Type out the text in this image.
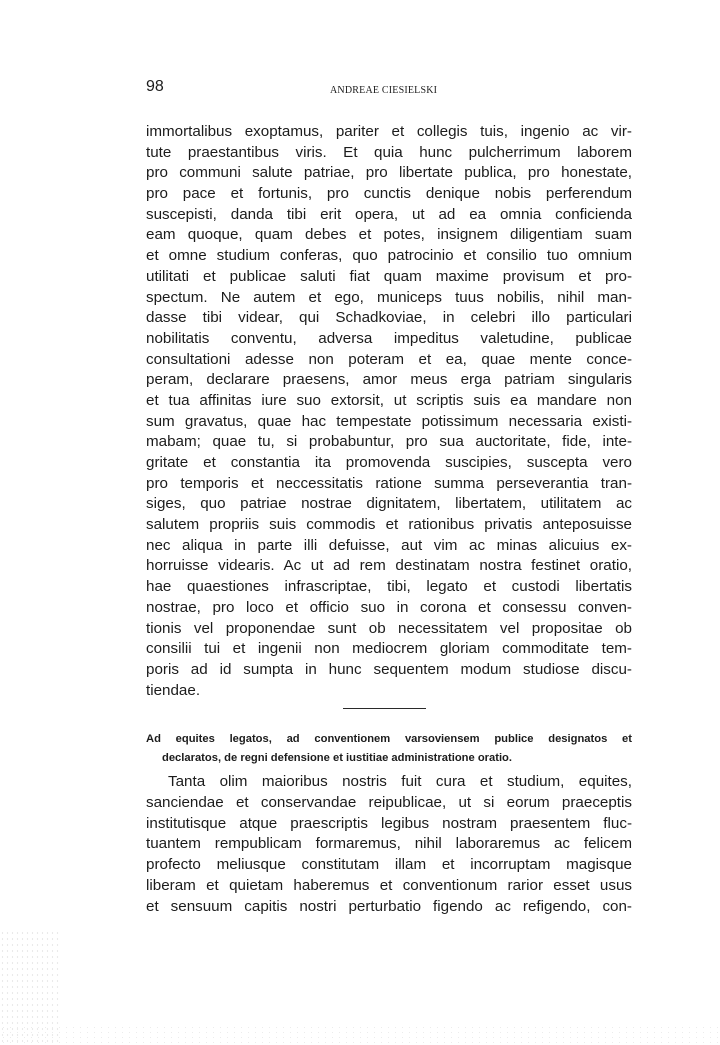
98	ANDREAE CIESIELSKI
immortalibus exoptamus, pariter et collegis tuis, ingenio ac vir-
tute praestantibus viris. Et quia hunc pulcherrimum laborem
pro communi salute patriae, pro libertate publica, pro honestate,
pro pace et fortunis, pro cunctis denique nobis perferendum
suscepisti, danda tibi erit opera, ut ad ea omnia conficienda
eam quoque, quam debes et potes, insignem diligentiam suam
et omne studium conferas, quo patrocinio et consilio tuo omnium
utilitati et publicae saluti fiat quam maxime provisum et pro-
spectum. Ne autem et ego, municeps tuus nobilis, nihil man-
dasse tibi videar, qui Schadkoviae, in celebri illo particulari
nobilitatis conventu, adversa impeditus valetudine, publicae
consultationi adesse non poteram et ea, quae mente conce-
peram, declarare praesens, amor meus erga patriam singularis
et tua affinitas iure suo extorsit, ut scriptis suis ea mandare non
sum gravatus, quae hac tempestate potissimum necessaria existi-
mabam; quae tu, si probabuntur, pro sua auctoritate, fide, inte-
gritate et constantia ita promovenda suscipies, suscepta vero
pro temporis et neccessitatis ratione summa perseverantia tran-
siges, quo patriae nostrae dignitatem, libertatem, utilitatem ac
salutem propriis suis commodis et rationibus privatis anteposuisse
nec aliqua in parte illi defuisse, aut vim ac minas alicuius ex-
horruisse videaris. Ac ut ad rem destinatam nostra festinet oratio,
hae quaestiones infrascriptae, tibi, legato et custodi libertatis
nostrae, pro loco et officio suo in corona et consessu conven-
tionis vel proponendae sunt ob necessitatem vel propositae ob
consilii tui et ingenii non mediocrem gloriam commoditate tem-
poris ad id sumpta in hunc sequentem modum studiose discu-
tiendae.
Ad equites legatos, ad conventionem varsoviensem publice designatos et
declaratos, de regni defensione et iustitiae administratione oratio.
Tanta olim maioribus nostris fuit cura et studium, equites,
sanciendae et conservandae reipublicae, ut si eorum praeceptis
institutisque atque praescriptis legibus nostram praesentem fluc-
tuantem rempublicam formaremus, nihil laboraremus ac felicem
profecto meliusque constitutam illam et incorruptam magisque
liberam et quietam haberemus et conventionum rarior esset usus
et sensuum capitis nostri perturbatio figendo ac refigendo, con-
